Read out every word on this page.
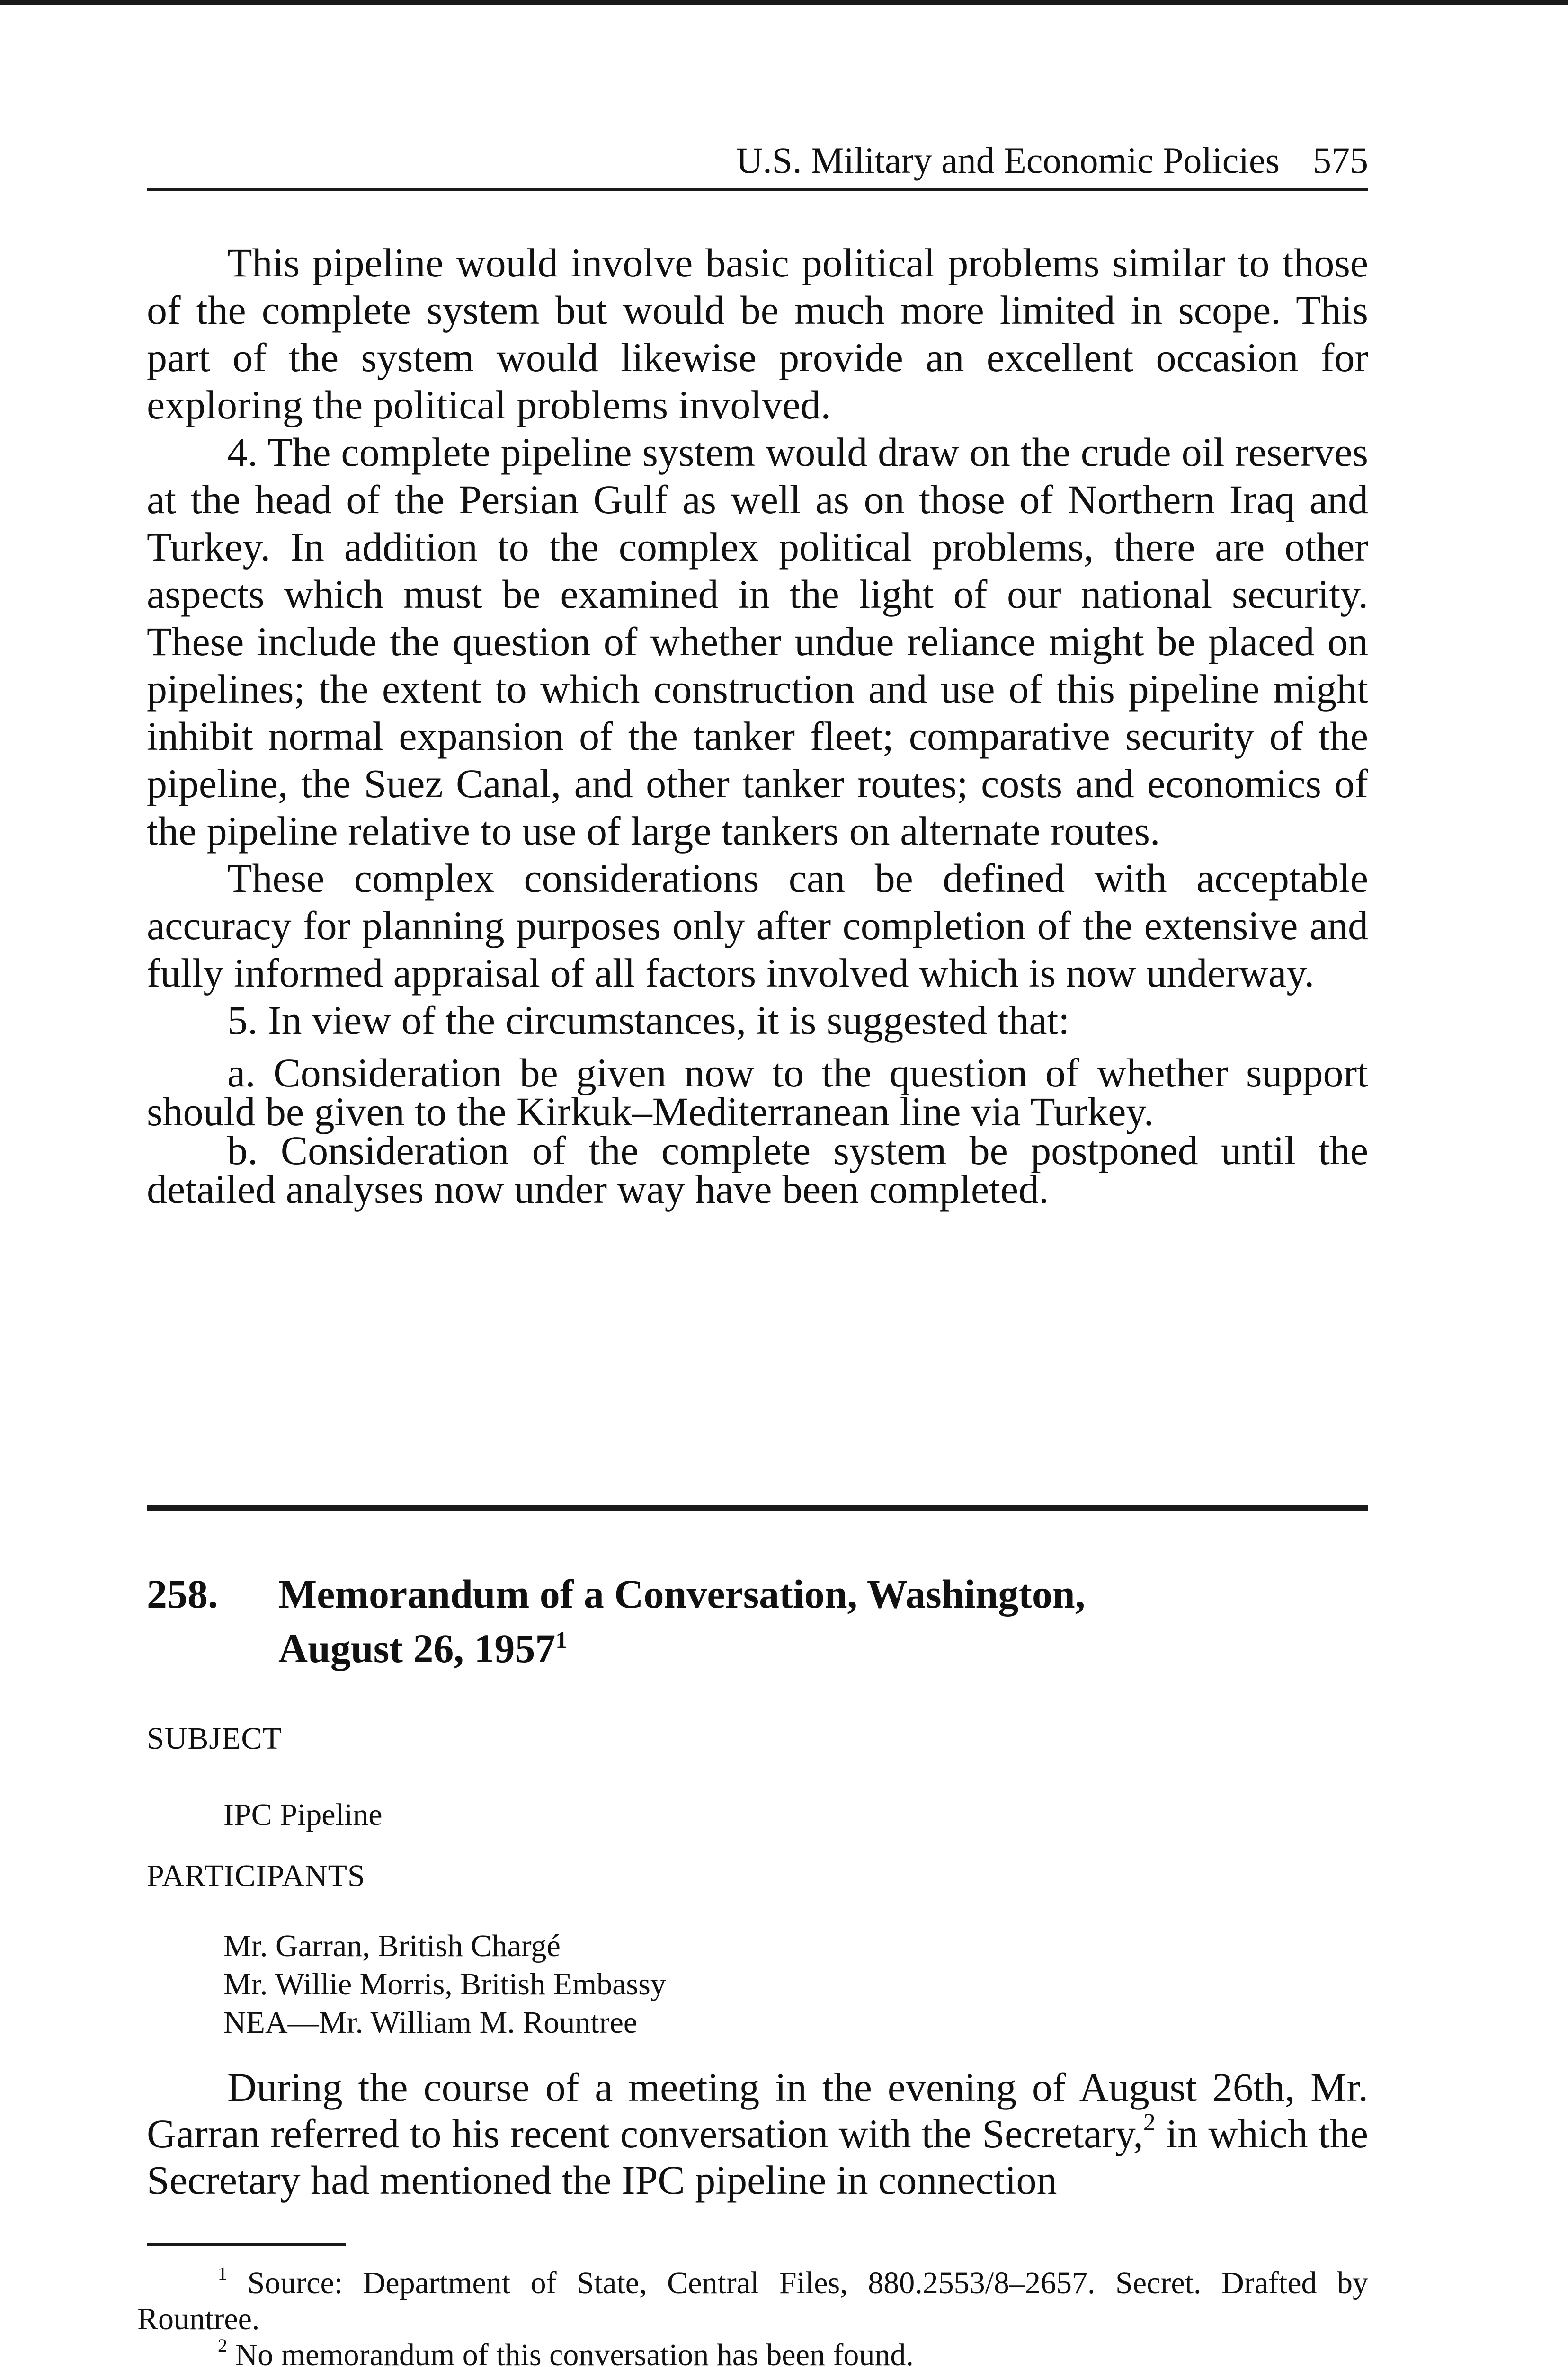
U.S. Military and Economic Policies 575

This pipeline would involve basic political problems similar to those of the complete system but would be much more limited in scope. This part of the system would likewise provide an excellent occasion for exploring the political problems involved.

4. The complete pipeline system would draw on the crude oil reserves at the head of the Persian Gulf as well as on those of Northern Iraq and Turkey. In addition to the complex political problems, there are other aspects which must be examined in the light of our national security. These include the question of whether undue reliance might be placed on pipelines; the extent to which construction and use of this pipeline might inhibit normal expansion of the tanker fleet; comparative security of the pipeline, the Suez Canal, and other tanker routes; costs and economics of the pipeline relative to use of large tankers on alternate routes.

These complex considerations can be defined with acceptable accuracy for planning purposes only after completion of the extensive and fully informed appraisal of all factors involved which is now underway.

5. In view of the circumstances, it is suggested that:

a. Consideration be given now to the question of whether support should be given to the Kirkuk–Mediterranean line via Turkey.

b. Consideration of the complete system be postponed until the detailed analyses now under way have been completed.

258.	Memorandum of a Conversation, Washington,
August 26, 1957$^1$
SUBJECT
IPC Pipeline
PARTICIPANTS
Mr. Garran, British Chargé
Mr. Willie Morris, British Embassy
NEA—Mr. William M. Rountree

During the course of a meeting in the evening of August 26th, Mr. Garran referred to his recent conversation with the Secretary,$^2$ in which the Secretary had mentioned the IPC pipeline in connection

$^1$ Source: Department of State, Central Files, 880.2553/8–2657. Secret. Drafted by Rountree.

$^2$ No memorandum of this conversation has been found.
